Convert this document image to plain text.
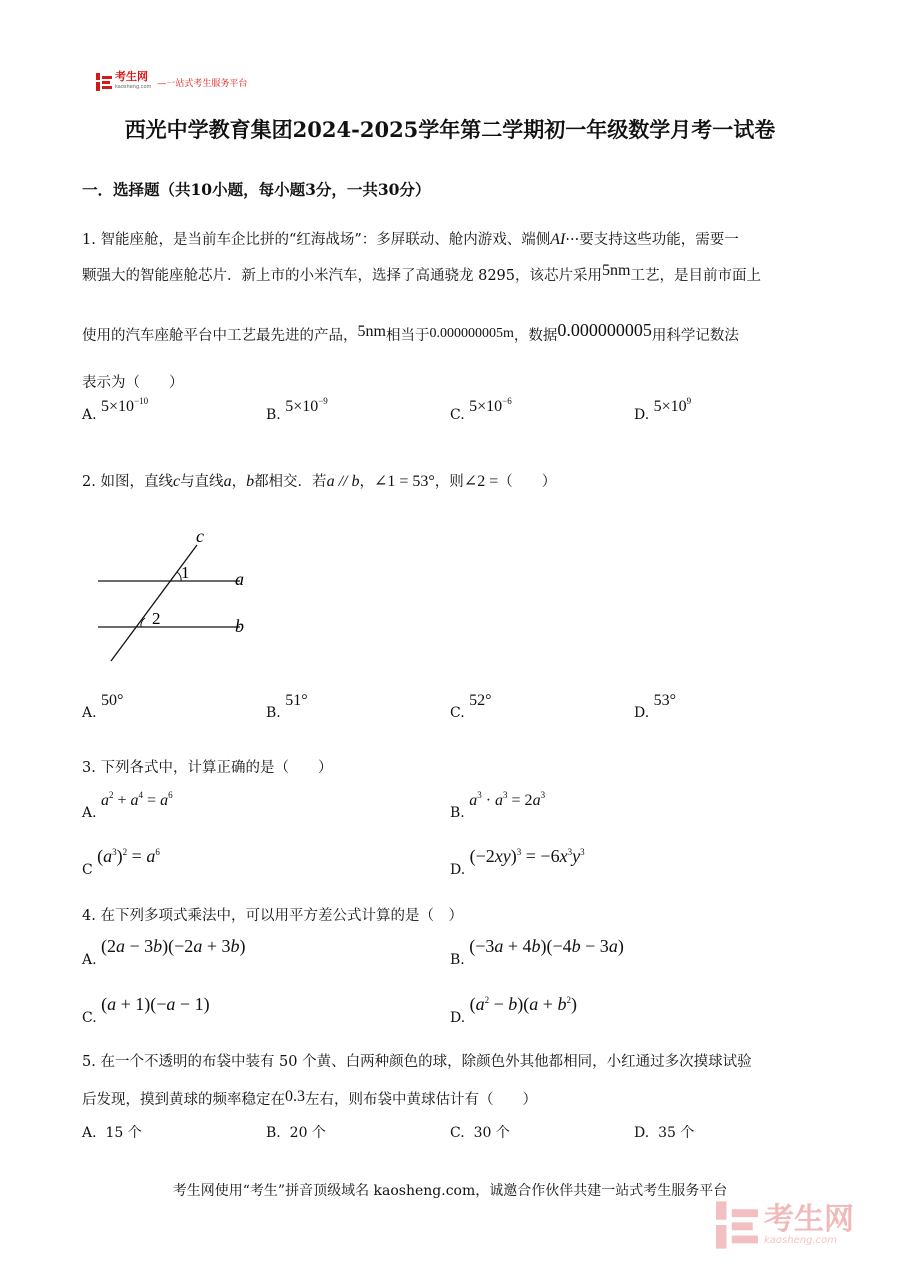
考生网
kaosheng.com —一站式考生服务平台
西光中学教育集团2024-2025学年第二学期初一年级数学月考一试卷
一．选择题（共10小题，每小题3分，一共30分）
1. 智能座舱，是当前车企比拼的“红海战场”：多屏联动、舱内游戏、端侧AI···要支持这些功能，需要一
颗强大的智能座舱芯片．新上市的小米汽车，选择了高通骁龙 8295，该芯片采用5nm工艺，是目前市面上
使用的汽车座舱平台中工艺最先进的产品，5nm相当于0.000000005m，数据0.000000005用科学记数法
表示为（　　）
A. $5\times 10^{-10}$
B. $5\times 10^{-9}$
C. $5\times 10^{-6}$
D. $5\times 10^9$
2. 如图，直线c与直线a，b都相交．若a // b，∠1 = 53°，则∠2 =（　　）
c
a
b
1
2
A. 50°
B. 51°
C. 52°
D. 53°
3. 下列各式中，计算正确的是（　　）
A. $a^2 + a^4 = a^6$
B. $a^3 \cdot a^3 = 2a^3$
C $(a^3)^2 = a^6$
D. $(-2xy)^3 = -6x^3y^3$
4. 在下列多项式乘法中，可以用平方差公式计算的是（　）
A. (2a − 3b)(−2a + 3b)
B. (−3a + 4b)(−4b − 3a)
C. (a + 1)(−a − 1)
D. $(a^2 - b)(a + b^2)$
5. 在一个不透明的布袋中装有 50 个黄、白两种颜色的球，除颜色外其他都相同，小红通过多次摸球试验
后发现，摸到黄球的频率稳定在0.3左右，则布袋中黄球估计有（　　）
A. 15 个	B. 20 个	C. 30 个	D. 35 个
考生网使用“考生”拼音顶级域名 kaosheng.com，诚邀合作伙伴共建一站式考生服务平台
考生网
kaosheng.com
